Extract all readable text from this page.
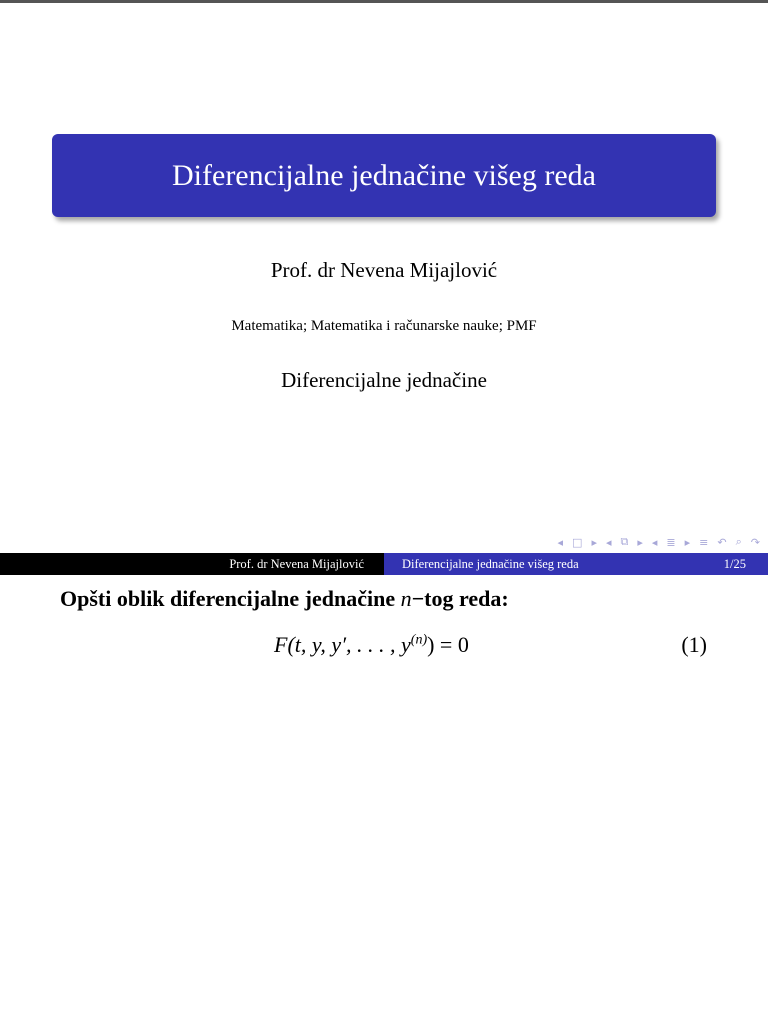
Diferencijalne jednačine višeg reda
Prof. dr Nevena Mijajlović
Matematika; Matematika i računarske nauke; PMF
Diferencijalne jednačine
◂ □ ▸ ◂ ⧉ ▸ ◂ ≣ ▸ ≡ ↶ ⌕ ↷
Prof. dr Nevena Mijajlović	Diferencijalne jednačine višeg reda	1/25
Opšti oblik diferencijalne jednačine n−tog reda:
F(t, y, y′, . . . , $y^{(n)}) = 0$	(1)
